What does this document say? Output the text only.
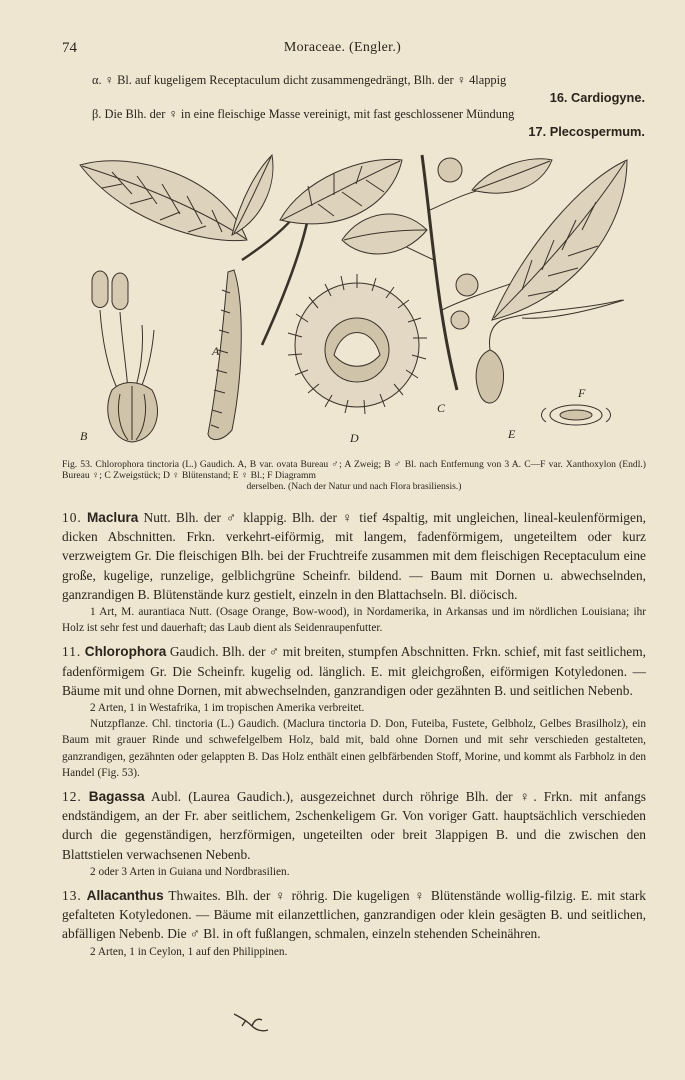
74	Moraceae. (Engler.)
α. ♀ Bl. auf kugeligem Receptaculum dicht zusammengedrängt, Blh. der ♀ 4lappig
16. Cardiogyne.
β. Die Blh. der ♀ in eine fleischige Masse vereinigt, mit fast geschlossener Mündung
17. Plecospermum.
A
B
C
D	E
F
Fig. 53. Chlorophora tinctoria (L.) Gaudich. A, B var. ovata Bureau ♂; A Zweig; B ♂ Bl. nach Entfernung von 3 A. C—F var. Xanthoxylon (Endl.) Bureau ♀; C Zweigstück; D ♀ Blütenstand; E ♀ Bl.; F Diagramm
derselben. (Nach der Natur und nach Flora brasiliensis.)

10. Maclura Nutt. Blh. der ♂ klappig. Blh. der ♀ tief 4spaltig, mit ungleichen, lineal-keulenförmigen, dicken Abschnitten. Frkn. verkehrt-eiförmig, mit langem, fadenförmigem, ungeteiltem oder kurz verzweigtem Gr. Die fleischigen Blh. bei der Fruchtreife zusammen mit dem fleischigen Receptaculum eine große, kugelige, runzelige, gelblichgrüne Scheinfr. bildend. — Baum mit Dornen u. abwechselnden, ganzrandigen B. Blütenstände kurz gestielt, einzeln in den Blattachseln. Bl. diöcisch.

1 Art, M. aurantiaca Nutt. (Osage Orange, Bow-wood), in Nordamerika, in Arkansas und im nördlichen Louisiana; ihr Holz ist sehr fest und dauerhaft; das Laub dient als Seidenraupenfutter.

11. Chlorophora Gaudich. Blh. der ♂ mit breiten, stumpfen Abschnitten. Frkn. schief, mit fast seitlichem, fadenförmigem Gr. Die Scheinfr. kugelig od. länglich. E. mit gleichgroßen, eiförmigen Kotyledonen. — Bäume mit und ohne Dornen, mit abwechselnden, ganzrandigen oder gezähnten B. und seitlichen Nebenb.

2 Arten, 1 in Westafrika, 1 im tropischen Amerika verbreitet.

Nutzpflanze. Chl. tinctoria (L.) Gaudich. (Maclura tinctoria D. Don, Futeiba, Fustete, Gelbholz, Gelbes Brasilholz), ein Baum mit grauer Rinde und schwefelgelbem Holz, bald mit, bald ohne Dornen und mit sehr verschieden gestalteten, ganzrandigen, gezähnten oder gelappten B. Das Holz enthält einen gelbfärbenden Stoff, Morine, und kommt als Farbholz in den Handel (Fig. 53).

12. Bagassa Aubl. (Laurea Gaudich.), ausgezeichnet durch röhrige Blh. der ♀. Frkn. mit anfangs endständigem, an der Fr. aber seitlichem, 2schenkeligem Gr. Von voriger Gatt. hauptsächlich verschieden durch die gegenständigen, herzförmigen, ungeteilten oder breit 3lappigen B. und die zwischen den Blattstielen verwachsenen Nebenb.

2 oder 3 Arten in Guiana und Nordbrasilien.

13. Allacanthus Thwaites. Blh. der ♀ röhrig. Die kugeligen ♀ Blütenstände wollig-filzig. E. mit stark gefalteten Kotyledonen. — Bäume mit eilanzettlichen, ganzrandigen oder klein gesägten B. und seitlichen, abfälligen Nebenb. Die ♂ Bl. in oft fußlangen, schmalen, einzeln stehenden Scheinähren.

2 Arten, 1 in Ceylon, 1 auf den Philippinen.
